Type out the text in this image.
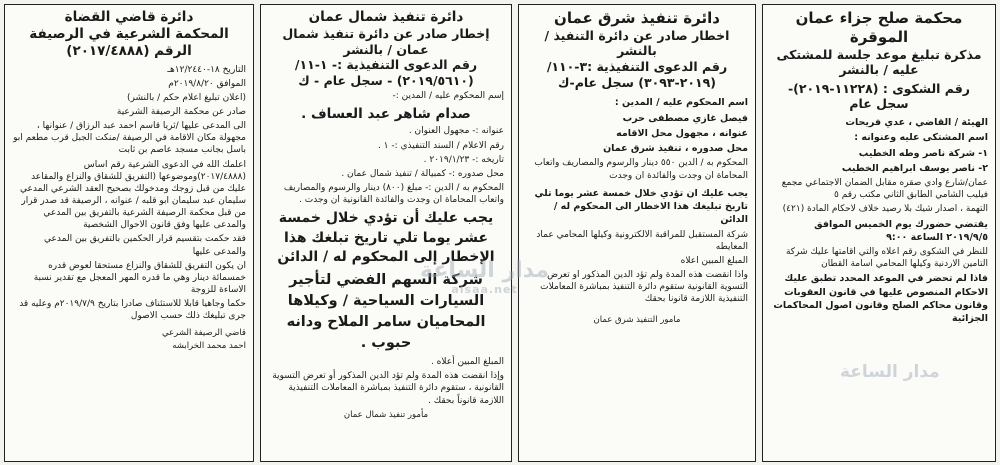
محكمة صلح جزاء عمان الموقرة
مذكرة تبليغ موعد جلسة للمشتكى عليه / بالنشر
رقم الشكوى : (١١٢٢٨-٢٠١٩)-
سجل عام
الهيئة / القاضي ، عدي فريحات
اسم المشتكى عليه وعنوانه :
١- شركة ناصر وطه الخطيب
٢- ناصر يوسف ابراهيم الخطيب
عمان/شارع وادي صقره مقابل الضمان الاجتماعي مجمع فيليب الشامي الطابق الثاني مكتب رقم ٥
التهمة ، اصدار شيك بلا رصيد خلاف لاحكام المادة (٤٢١)
يقتضي حضورك يوم الخميس الموافق ٢٠١٩/٩/٥ الساعة ٩:٠٠
للنظر في الشكوى رقم اعلاه والتي اقامتها عليك شركة التامين الاردنية وكيلها المحامي اسامة القطان
فاذا لم تحضر في الموعد المحدد تطبق عليك الاحكام المنصوص عليها في قانون العقوبات وقانون محاكم الصلح وقانون اصول المحاكمات الجزائية
دائرة تنفيذ شرق عمان
اخطار صادر عن دائرة التنفيذ / بالنشر
رقم الدعوى التنفيذية :٣-١١٠/
(٢٠١٩-٣٠٩٣) سجل عام-ك
اسم المحكوم عليه / المدين :
فيصل غازي مصطفى حرب
عنوانه ، مجهول محل الاقامه
محل صدوره ، تنفيذ شرق عمان
المحكوم به / الدين ٥٥٠ دينار والرسوم والمصاريف واتعاب المحاماة ان وجدت والفائدة ان وجدت
يجب عليك ان تؤدي خلال خمسة عشر يوما تلي تاريخ تبليغك هذا الاخطار الى المحكوم له / الدائن
شركة المستقبل للمراقبة الالكترونية وكيلها المحامي عماد المعايطه
المبلغ المبين اعلاه
واذا انقضت هذه المدة ولم تؤد الدين المذكور او تعرض التسوية القانونية ستقوم دائرة التنفيذ بمباشرة المعاملات التنفيذية اللازمة قانونا بحقك
مامور التنفيذ شرق عمان
دائرة تنفيذ شمال عمان
إخطار صادر عن دائرة تنفيذ شمال عمان / بالنشر
رقم الدعوى التنفيذية :- ١-١١/
(٢٠١٩/٥٦١٠) - سجل عام - ك
إسم المحكوم عليه / المدين :-
صدام شاهر عبد العساف .
عنوانه :- مجهول العنوان .
رقم الاعلام / السند التنفيذي :- ١ .
تاريخه :- ٢٠١٩/١/٢٣ .
محل صدوره :- كمبيالة / تنفيذ شمال عمان .
المحكوم به / الدين :- مبلغ (٨٠٠) دينار والرسوم والمصاريف واتعاب المحاماة ان وجدت والفائدة القانونية ان وجدت .
يجب عليك أن تؤدي خلال خمسة عشر يوما تلي تاريخ تبلغك هذا الإخطار إلى المحكوم له / الدائن
شركة السهم الفضي لتأجير السيارات السياحية / وكيلاها المحاميان سامر الملاح ودانه حبوب .
المبلغ المبين أعلاه .
وإذا انقضت هذه المدة ولم تؤد الدين المذكور أو تعرض التسوية القانونية ، ستقوم دائرة التنفيذ بمباشرة المعاملات التنفيذية اللازمة قانوناً بحقك .
مأمور تنفيذ شمال عمان
دائرة قاضي القضاة
المحكمة الشرعية في الرصيفة
الرقم (٢٠١٧/٤٨٨٨)
التاريخ ١٨-١٢/٢٤٤٠هـ
الموافق ٢٠١٩/٨/٢٠م
(اعلان تبليغ اعلام حكم / بالنشر)
صادر عن محكمة الرصيفة الشرعية
الى المدعى عليها /ثريا قاسم احمد عبد الرزاق / عنوانها ، مجهولة مكان الاقامة في الرصيفة /منكت الجبل قرب مطعم ابو باسل بجانب مسجد عاصم بن ثابت
اعلمك الله في الدعوى الشرعية رقم اساس (٢٠١٧/٤٨٨٨)وموضوعها (التفريق للشقاق والنزاع والمقاعد عليك من قبل زوجك ومدخولك بصحيح العقد الشرعي المدعي سليمان عبد سليمان ابو قلبه / عنوانه ، الرصيفة قد صدر قرار من قبل محكمة الرصيفة الشرعية بالتفريق بين المدعي والمدعى عليها وفق قانون الاحوال الشخصية
فقد حكمت بتقسيم قرار الحكمين بالتفريق بين المدعي والمدعى عليها
ان يكون التفريق للشقاق والنزاع مستحقا لعوض قدره خمسمائة دينار وهي ما قدره المهر المعجل مع تقدير نسبة الاساءة للزوجة
حكما وجاهيا قابلا للاستئناف صادرا بتاريخ ٢٠١٩/٧/٩م وعليه قد جرى تبليغك ذلك حسب الاصول
قاضي الرصيفة الشرعي
احمد محمد الخرابشه
مدار الساعة
alsaa.net
مدار الساعة
